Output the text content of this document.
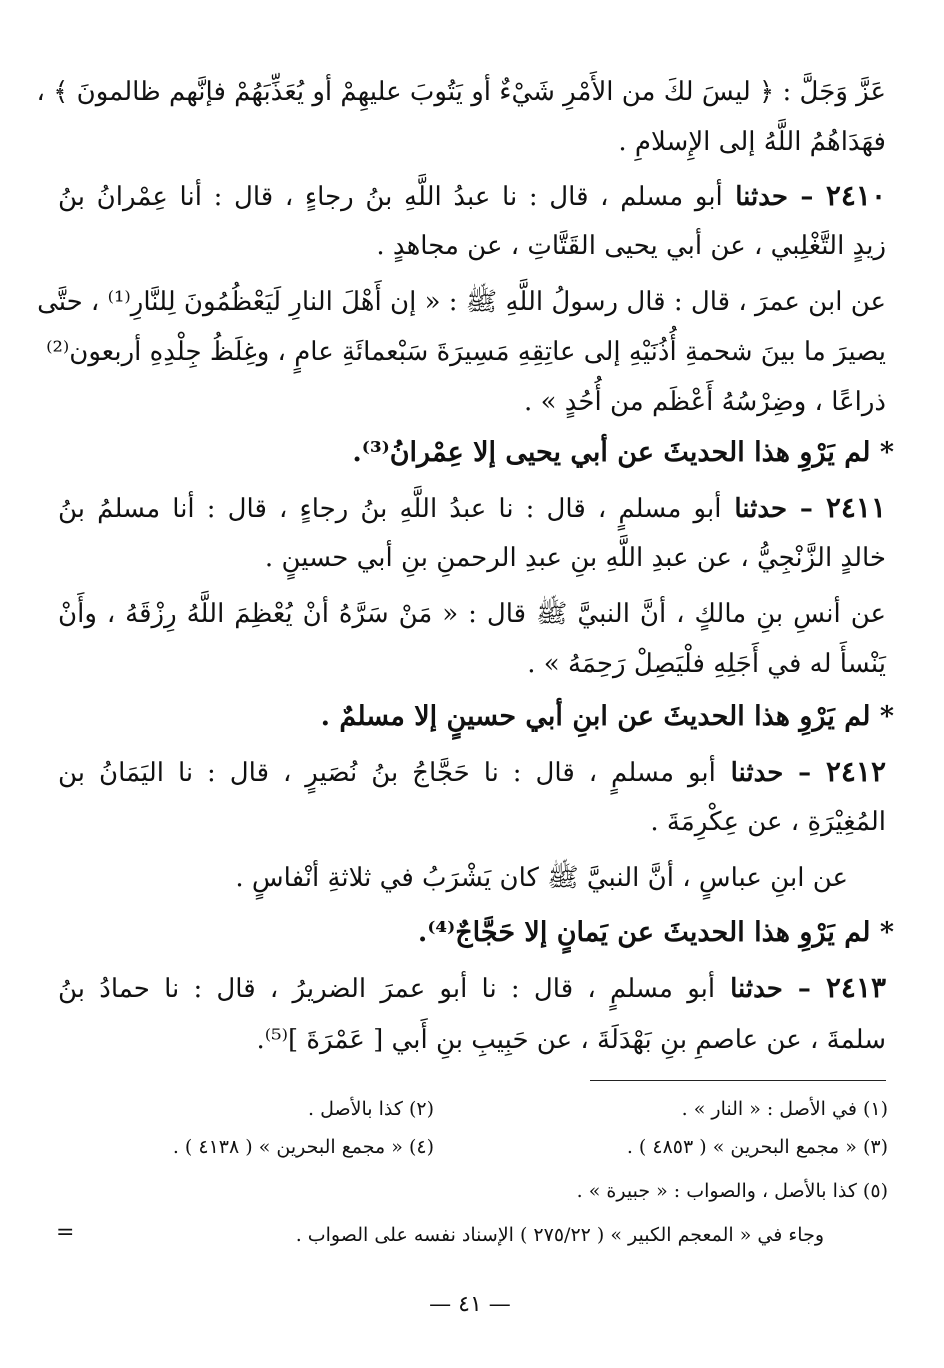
عَزَّ وَجَلَّ : ﴿ ليسَ لكَ من الأَمْرِ شَيْءٌ أو يَتُوبَ عليهِمْ أو يُعَذِّبَهُمْ فإنَّهم ظالمونَ ﴾ ،
فهَدَاهُمُ اللَّهُ إلى الإِسلامِ .
٢٤١٠ – حدثنا أبو مسلم ، قال : نا عبدُ اللَّهِ بنُ رجاءٍ ، قال : أنا عِمْرانُ بنُ
زيدٍ التَّغْلِبي ، عن أبي يحيى القَتَّاتِ ، عن مجاهدٍ .
عن ابن عمرَ ، قال : قال رسولُ اللَّهِ ﷺ : « إن أَهْلَ النارِ لَيَعْظُمُونَ لِلنَّارِ⁽¹⁾ ، حتَّى
يصيرَ ما بينَ شحمةِ أُذُنَيْهِ إلى عاتِقِهِ مَسِيرَةَ سَبْعمائَةِ عامٍ ، وغِلَظُ جِلْدِهِ أربعون⁽²⁾
ذراعًا ، وضِرْسُهُ أَعْظَم من أُحُدٍ » .
* لم يَرْوِ هذا الحديثَ عن أبي يحيى إلا عِمْرانُ⁽³⁾.
٢٤١١ – حدثنا أبو مسلمٍ ، قال : نا عبدُ اللَّهِ بنُ رجاءٍ ، قال : أنا مسلمُ بنُ
خالدٍ الزَّنْجِيُّ ، عن عبدِ اللَّهِ بنِ عبدِ الرحمنِ بنِ أبي حسينٍ .
عن أنسِ بنِ مالكٍ ، أنَّ النبيَّ ﷺ قال : « مَنْ سَرَّهُ أنْ يُعْظِمَ اللَّهُ رِزْقَهُ ، وأَنْ
يَنْسأَ له في أَجَلِهِ فلْيَصِلْ رَحِمَهُ » .
* لم يَرْوِ هذا الحديثَ عن ابنِ أبي حسينٍ إلا مسلمٌ .
٢٤١٢ – حدثنا أبو مسلمٍ ، قال : نا حَجَّاجُ بنُ نُصَيرٍ ، قال : نا اليَمَانُ بن
المُغِيْرَةِ ، عن عِكْرِمَةَ .
عن ابنِ عباسٍ ، أنَّ النبيَّ ﷺ كان يَشْرَبُ في ثلاثةِ أنْفاسٍ .
* لم يَرْوِ هذا الحديثَ عن يَمانٍ إلا حَجَّاجٌ⁽⁴⁾.
٢٤١٣ – حدثنا أبو مسلمٍ ، قال : نا أبو عمرَ الضريرُ ، قال : نا حمادُ بنُ
سلمةَ ، عن عاصمِ بنِ بَهْدَلَةَ ، عن حَبِيبِ بنِ أَبي [ عَمْرَةَ ]⁽⁵⁾.
(١) في الأصل : « النار » .
(٢) كذا بالأصل .
(٣) « مجمع البحرين » ( ٤٨٥٣ ) .
(٤) « مجمع البحرين » ( ٤١٣٨ ) .
(٥) كذا بالأصل ، والصواب : « جبيرة » .
وجاء في « المعجم الكبير » ( ٢٧٥/٢٢ ) الإسناد نفسه على الصواب .
=
— ٤١ —
